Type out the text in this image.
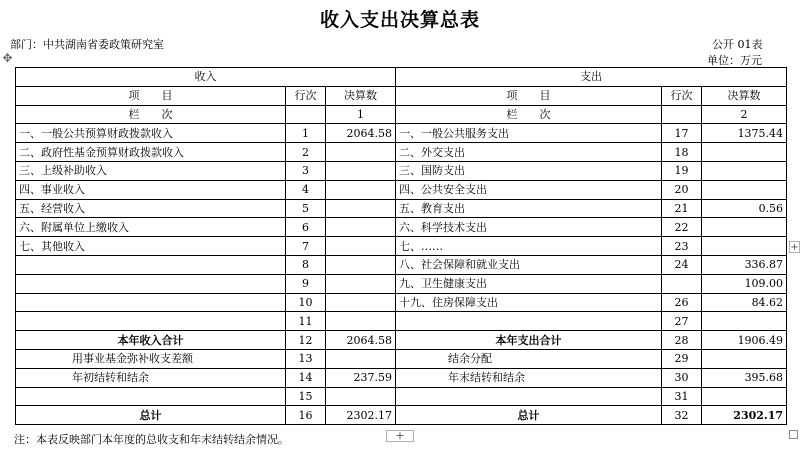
收入支出决算总表
部门：中共湖南省委政策研究室	公开 01表
单位：万元
✥
收入			支出		
项　　目	行次	决算数	项　　目	行次	决算数
栏　　次		1	栏　　次		2
一、一般公共预算财政拨款收入	1	2064.58	一、一般公共服务支出	17	1375.44
二、政府性基金预算财政拨款收入	2		二、外交支出	18	
三、上级补助收入	3		三、国防支出	19	
四、事业收入	4		四、公共安全支出	20	
五、经营收入	5		五、教育支出	21	0.56
六、附属单位上缴收入	6		六、科学技术支出	22	
七、其他收入	7		七、……	23	
	8		八、社会保障和就业支出	24	336.87
	9		九、卫生健康支出		109.00
	10		十九、住房保障支出	26	84.62
	11			27	
本年收入合计	12	2064.58	本年支出合计	28	1906.49
用事业基金弥补收支差额	13		结余分配	29	
年初结转和结余	14	237.59	年末结转和结余	30	395.68
	15			31	
总计	16	2302.17	总计	32	2302.17
注：本表反映部门本年度的总收支和年末结转结余情况。
+
+
